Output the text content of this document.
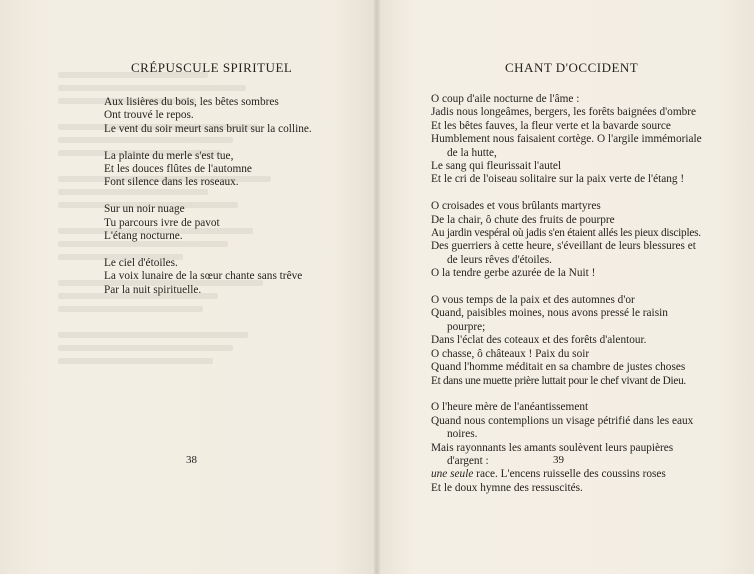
CRÉPUSCULE SPIRITUEL
Aux lisières du bois, les bêtes sombres
Ont trouvé le repos.
Le vent du soir meurt sans bruit sur la colline.
La plainte du merle s'est tue,
Et les douces flûtes de l'automne
Font silence dans les roseaux.
Sur un noir nuage
Tu parcours ivre de pavot
L'étang nocturne.
Le ciel d'étoiles.
La voix lunaire de la sœur chante sans trêve
Par la nuit spirituelle.
38
CHANT D'OCCIDENT
O coup d'aile nocturne de l'âme :
Jadis nous longeâmes, bergers, les forêts baignées d'ombre
Et les bêtes fauves, la fleur verte et la bavarde source
Humblement nous faisaient cortège. O l'argile immémoriale
de la hutte,
Le sang qui fleurissait l'autel
Et le cri de l'oiseau solitaire sur la paix verte de l'étang !
O croisades et vous brûlants martyres
De la chair, ô chute des fruits de pourpre
Au jardin vespéral où jadis s'en étaient allés les pieux disciples.
Des guerriers à cette heure, s'éveillant de leurs blessures et
de leurs rêves d'étoiles.
O la tendre gerbe azurée de la Nuit !
O vous temps de la paix et des automnes d'or
Quand, paisibles moines, nous avons pressé le raisin
pourpre;
Dans l'éclat des coteaux et des forêts d'alentour.
O chasse, ô châteaux ! Paix du soir
Quand l'homme méditait en sa chambre de justes choses
Et dans une muette prière luttait pour le chef vivant de Dieu.
O l'heure mère de l'anéantissement
Quand nous contemplions un visage pétrifié dans les eaux
noires.
Mais rayonnants les amants soulèvent leurs paupières
d'argent :
une seule race. L'encens ruisselle des coussins roses
Et le doux hymne des ressuscités.
39
